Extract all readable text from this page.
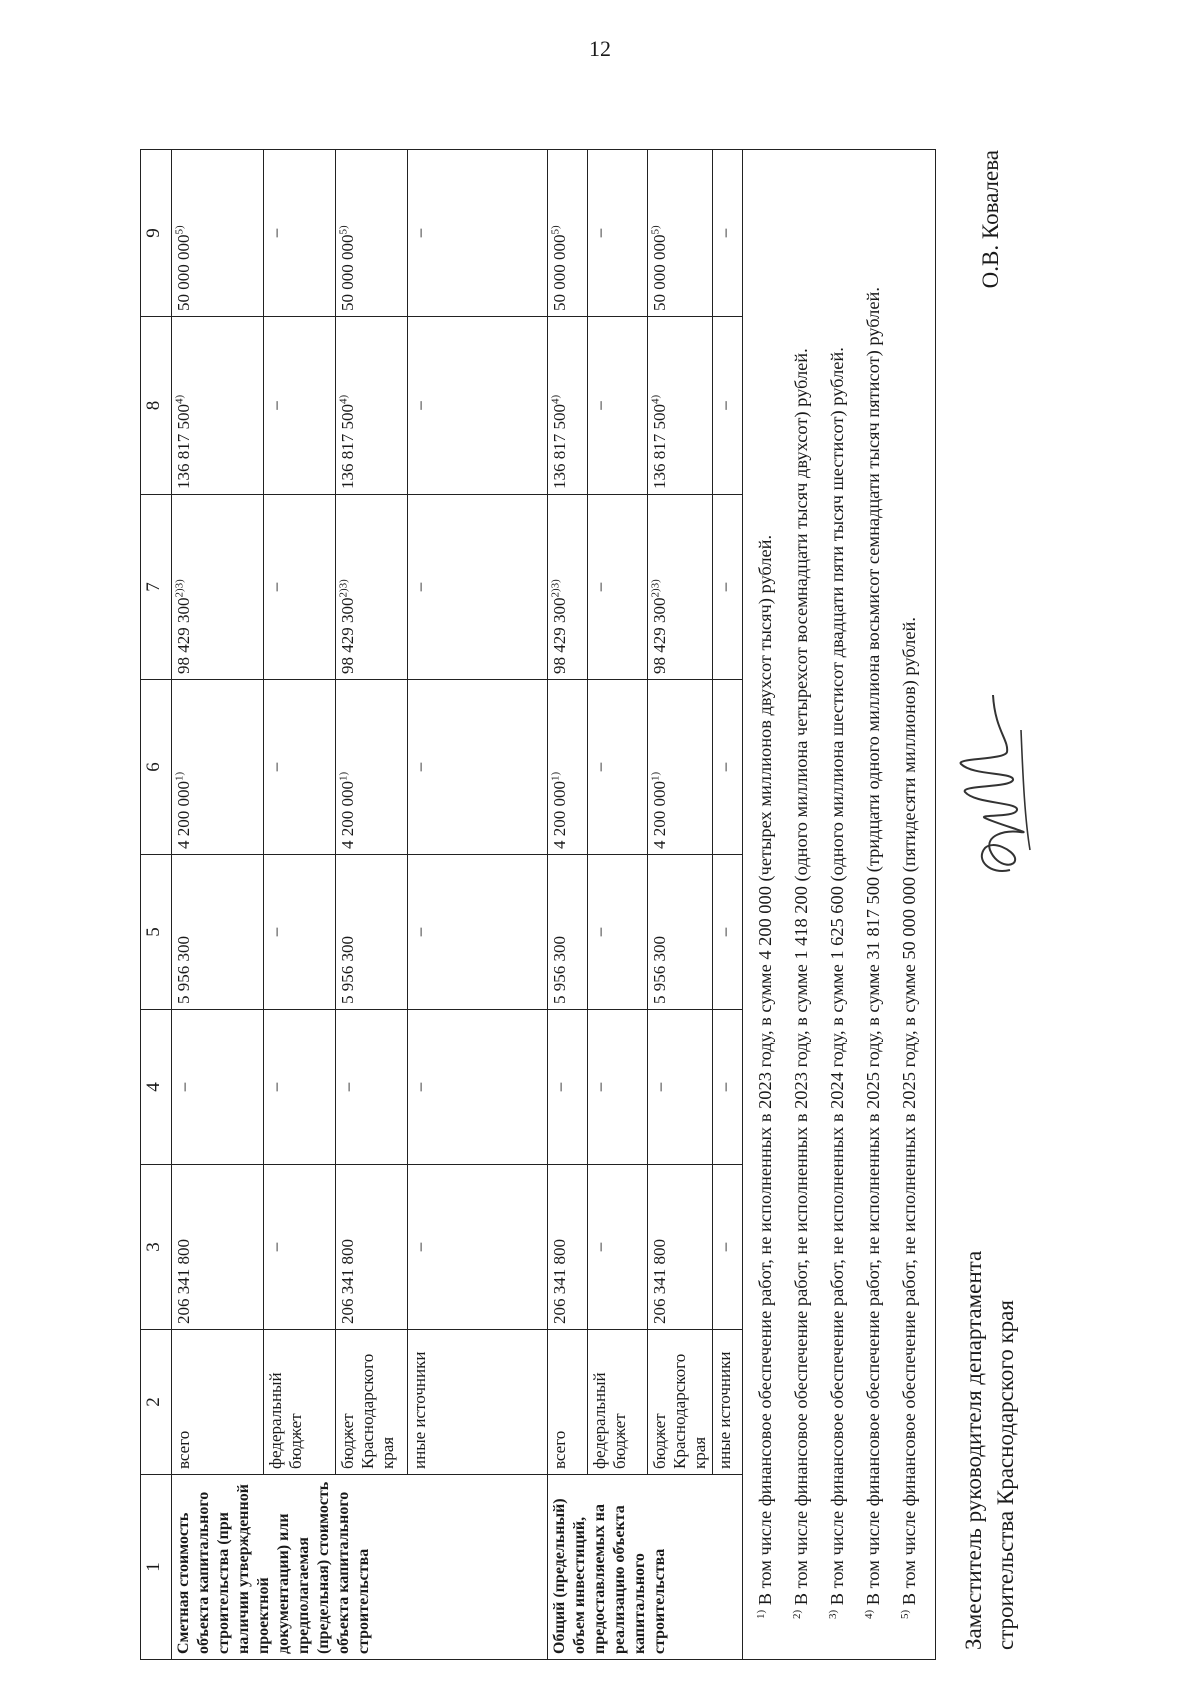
12
1	2	3	4	5	6	7	8	9
Сметная стоимость объекта капитального строительства (при наличии утвержденной проектной документации) или предполагаемая (предельная) стоимость объекта капитального строительства	всего	206 341 800	–	5 956 300	4 200 000$^{1)}$	98 429 $300^{2)3)}$	136 817 500$^{4)}$	50 000 000$^{5)}$
	федеральный бюджет	–	–	–	–	–	–	–
	бюджет Краснодарского края	206 341 800	–	5 956 300	4 200 000$^{1)}$	98 429 $300^{2)3)}$	136 817 500$^{4)}$	50 000 000$^{5)}$
	иные источники	–	–	–	–	–	–	–
Общий (предельный) объем инвестиций, предоставляемых на реализацию объекта капитального строительства	всего	206 341 800	–	5 956 300	4 200 000$^{1)}$	98 429 $300^{2)3)}$	136 817 500$^{4)}$	50 000 000$^{5)}$
	федеральный бюджет	–	–	–	–	–	–	–
	бюджет Краснодарского края	206 341 800	–	5 956 300	4 200 000$^{1)}$	98 429 $300^{2)3)}$	136 817 500$^{4)}$	50 000 000$^{5)}$
	иные источники	–	–	–	–	–	–	–

$^{1)}$ В том числе финансовое обеспечение работ, не исполненных в 2023 году, в сумме 4 200 000 (четырех миллионов двухсот тысяч) рублей.
$^{2)}$ В том числе финансовое обеспечение работ, не исполненных в 2023 году, в сумме 1 418 200 (одного миллиона четырехсот восемнадцати тысяч двухсот) рублей.
$^{3)}$ В том числе финансовое обеспечение работ, не исполненных в 2024 году, в сумме 1 625 600 (одного миллиона шестисот двадцати пяти тысяч шестисот) рублей.
$^{4)}$ В том числе финансовое обеспечение работ, не исполненных в 2025 году, в сумме 31 817 500 (тридцати одного миллиона восьмисот семнадцати тысяч пятисот) рублей.
$^{5)}$ В том числе финансовое обеспечение работ, не исполненных в 2025 году, в сумме 50 000 000 (пятидесяти миллионов) рублей.									Заместитель руководителя департамента строительства Краснодарского края
О.В. Ковалева
